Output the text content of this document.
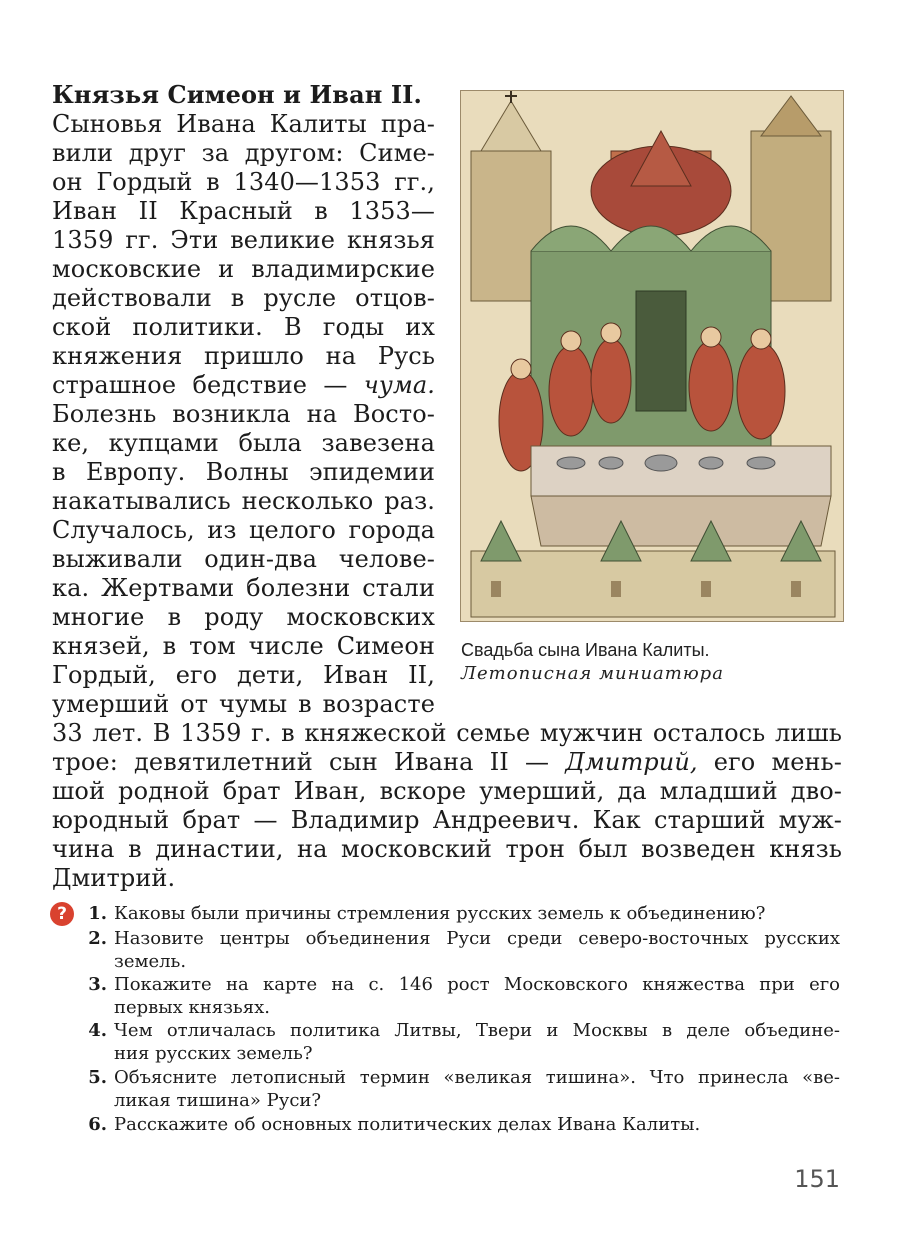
Князья Симеон и Иван II.
Сыновья Ивана Калиты пра-
вили друг за другом: Симе-
он Гордый в 1340—1353 гг.,
Иван II Красный в 1353—
1359 гг. Эти великие князья
московские и владимирские
действовали в русле отцов-
ской политики. В годы их
княжения пришло на Русь
страшное бедствие — чума.
Болезнь возникла на Восто-
ке, купцами была завезена
в Европу. Волны эпидемии
накатывались несколько раз.
Случалось, из целого города
выживали один-два челове-
ка. Жертвами болезни стали
многие в роду московских
князей, в том числе Симеон
Гордый, его дети, Иван II,
умерший от чумы в возрасте
33 лет. В 1359 г. в княжеской семье мужчин осталось лишь
трое: девятилетний сын Ивана II — Дмитрий, его мень-
шой родной брат Иван, вскоре умерший, да младший дво-
юродный брат — Владимир Андреевич. Как старший муж-
чина в династии, на московский трон был возведен князь
Дмитрий.
Свадьба сына Ивана Калиты.
Летописная миниатюра
?	1. Каковы были причины стремления русских земель к объединению?
2. Назовите центры объединения Руси среди северо-восточных русских
земель.
3. Покажите на карте на с. 146 рост Московского княжества при его
первых князьях.
4. Чем отличалась политика Литвы, Твери и Москвы в деле объедине-
ния русских земель?
5. Объясните летописный термин «великая тишина». Что принесла «ве-
ликая тишина» Руси?
6. Расскажите об основных политических делах Ивана Калиты.
151
